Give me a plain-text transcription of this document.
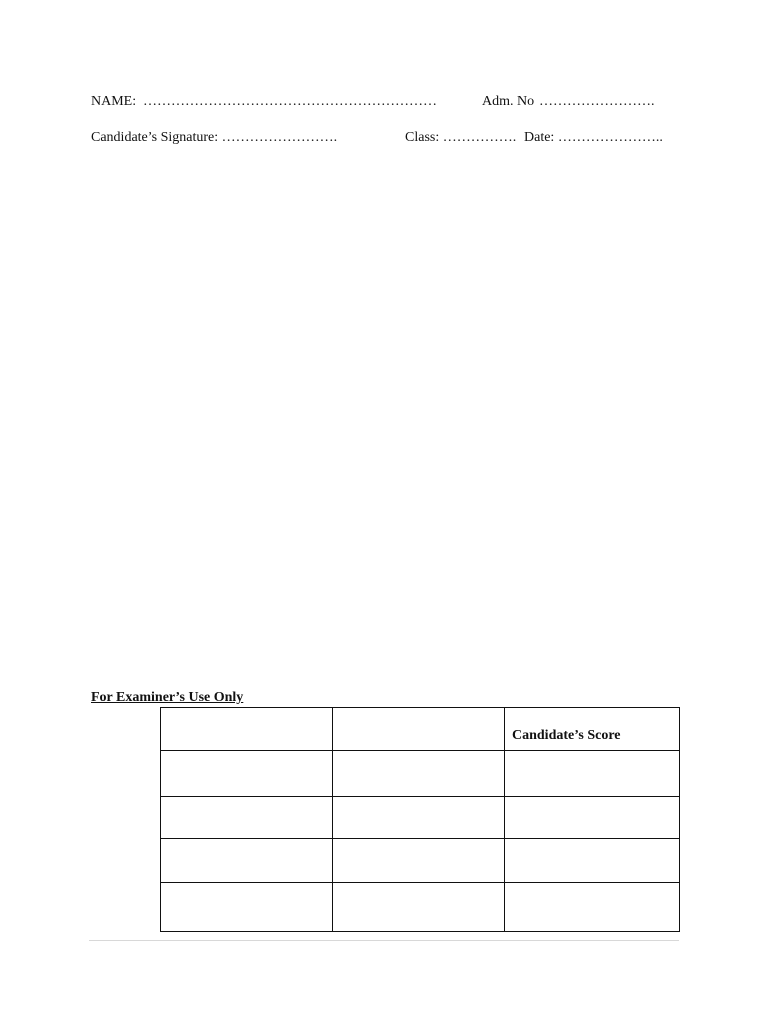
NAME: ………………………………………………………	Adm. No …………………….
Candidate’s Signature: …………………….	Class: ……………. Date: …………………..
For Examiner’s Use Only

		Candidate’s Score
